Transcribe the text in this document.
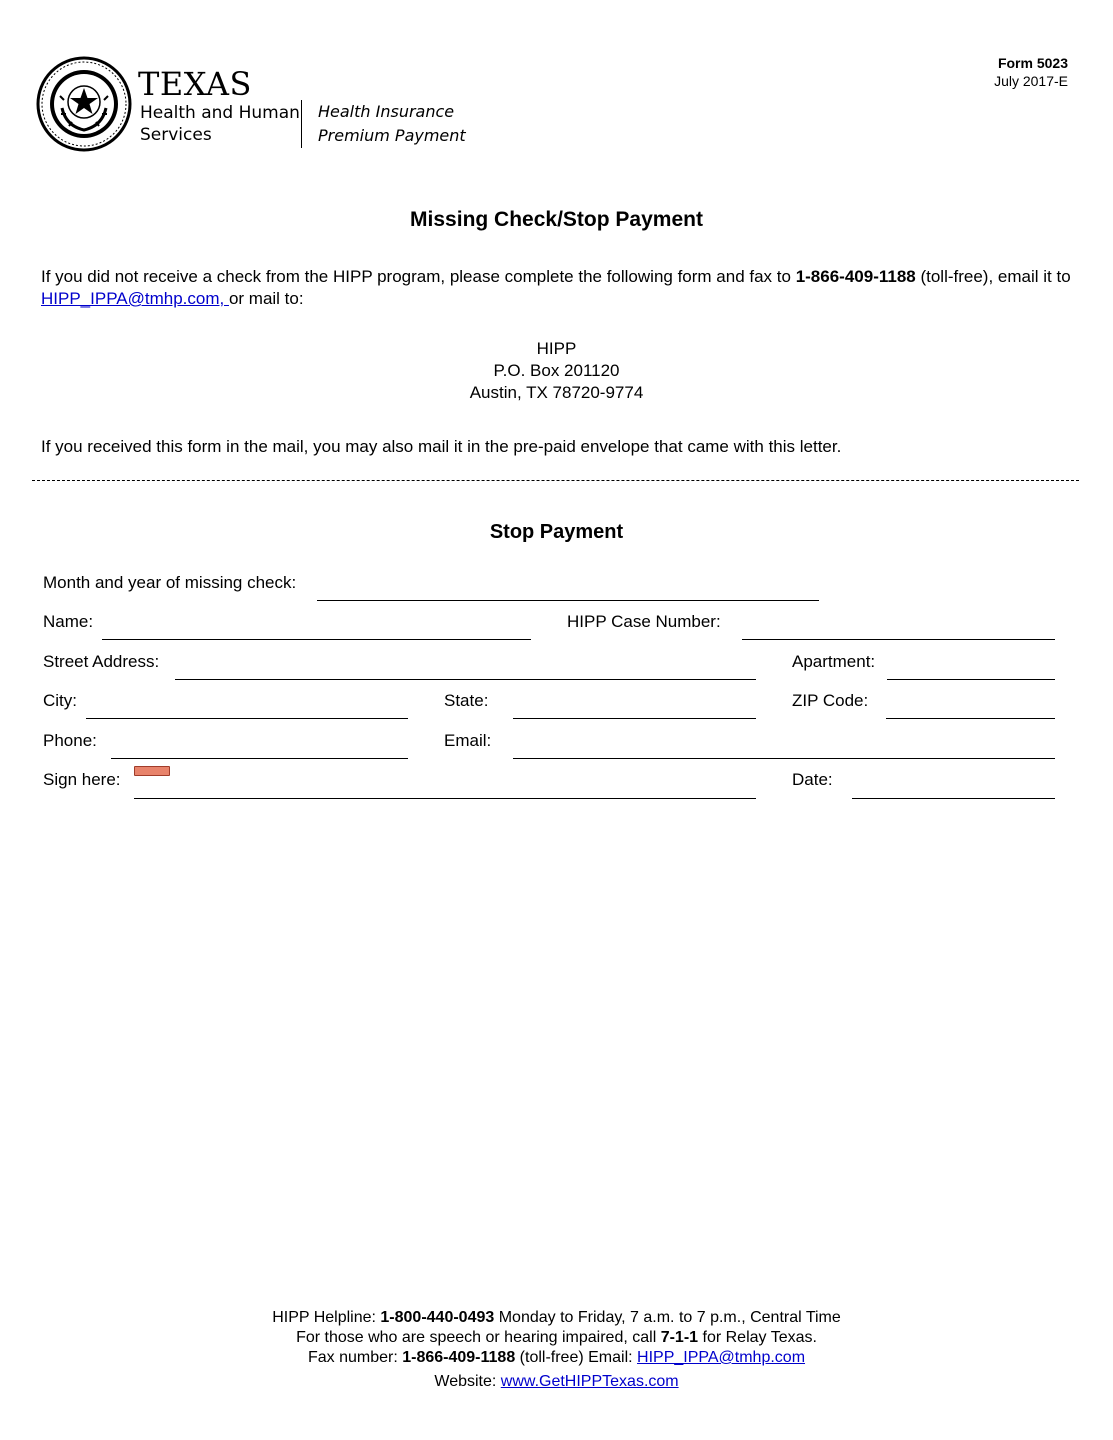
TEXAS
Health and Human
Services
Health Insurance
Premium Payment
Form 5023
July 2017-E
Missing Check/Stop Payment
If you did not receive a check from the HIPP program, please complete the following form and fax to 1-866-409-1188 (toll-free), email it to HIPP_IPPA@tmhp.com, or mail to:
HIPP
P.O. Box 201120
Austin, TX 78720-9774
If you received this form in the mail, you may also mail it in the pre-paid envelope that came with this letter.
Stop Payment
Month and year of missing check:
Name:	HIPP Case Number:
Street Address:	Apartment:
City:	State:	ZIP Code:
Phone:	Email:
Sign here:	Date:
HIPP Helpline: 1-800-440-0493 Monday to Friday, 7 a.m. to 7 p.m., Central Time
For those who are speech or hearing impaired, call 7-1-1 for Relay Texas.
Fax number: 1-866-409-1188 (toll-free) Email: HIPP_IPPA@tmhp.com
Website: www.GetHIPPTexas.com
